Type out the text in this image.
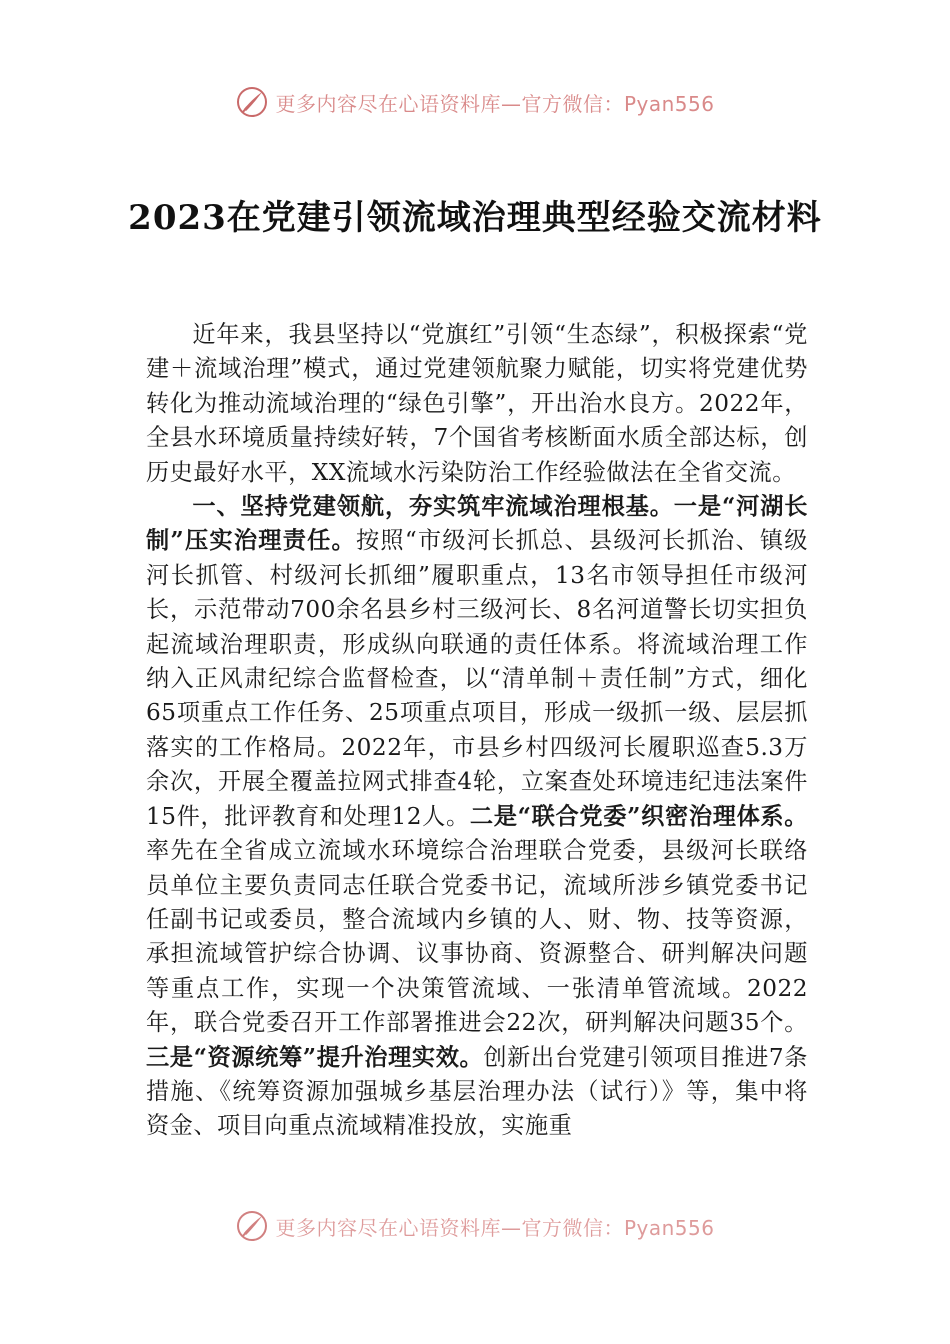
更多内容尽在心语资料库—官方微信：Pyan556
2023在党建引领流域治理典型经验交流材料

近年来，我县坚持以“党旗红”引领“生态绿”，积极探索“党建＋流域治理”模式，通过党建领航聚力赋能，切实将党建优势转化为推动流域治理的“绿色引擎”，开出治水良方。2022年，全县水环境质量持续好转，7个国省考核断面水质全部达标，创历史最好水平，XX流域水污染防治工作经验做法在全省交流。

一、坚持党建领航，夯实筑牢流域治理根基。一是“河湖长制”压实治理责任。按照“市级河长抓总、县级河长抓治、镇级河长抓管、村级河长抓细”履职重点，13名市领导担任市级河长，示范带动700余名县乡村三级河长、8名河道警长切实担负起流域治理职责，形成纵向联通的责任体系。将流域治理工作纳入正风肃纪综合监督检查，以“清单制＋责任制”方式，细化65项重点工作任务、25项重点项目，形成一级抓一级、层层抓落实的工作格局。2022年，市县乡村四级河长履职巡查5.3万余次，开展全覆盖拉网式排查4轮，立案查处环境违纪违法案件15件，批评教育和处理12人。二是“联合党委”织密治理体系。率先在全省成立流域水环境综合治理联合党委，县级河长联络员单位主要负责同志任联合党委书记，流域所涉乡镇党委书记任副书记或委员，整合流域内乡镇的人、财、物、技等资源，承担流域管护综合协调、议事协商、资源整合、研判解决问题等重点工作，实现一个决策管流域、一张清单管流域。2022年，联合党委召开工作部署推进会22次，研判解决问题35个。三是“资源统筹”提升治理实效。创新出台党建引领项目推进7条措施、《统筹资源加强城乡基层治理办法（试行）》等，集中将资金、项目向重点流域精准投放，实施重

更多内容尽在心语资料库—官方微信：Pyan556
